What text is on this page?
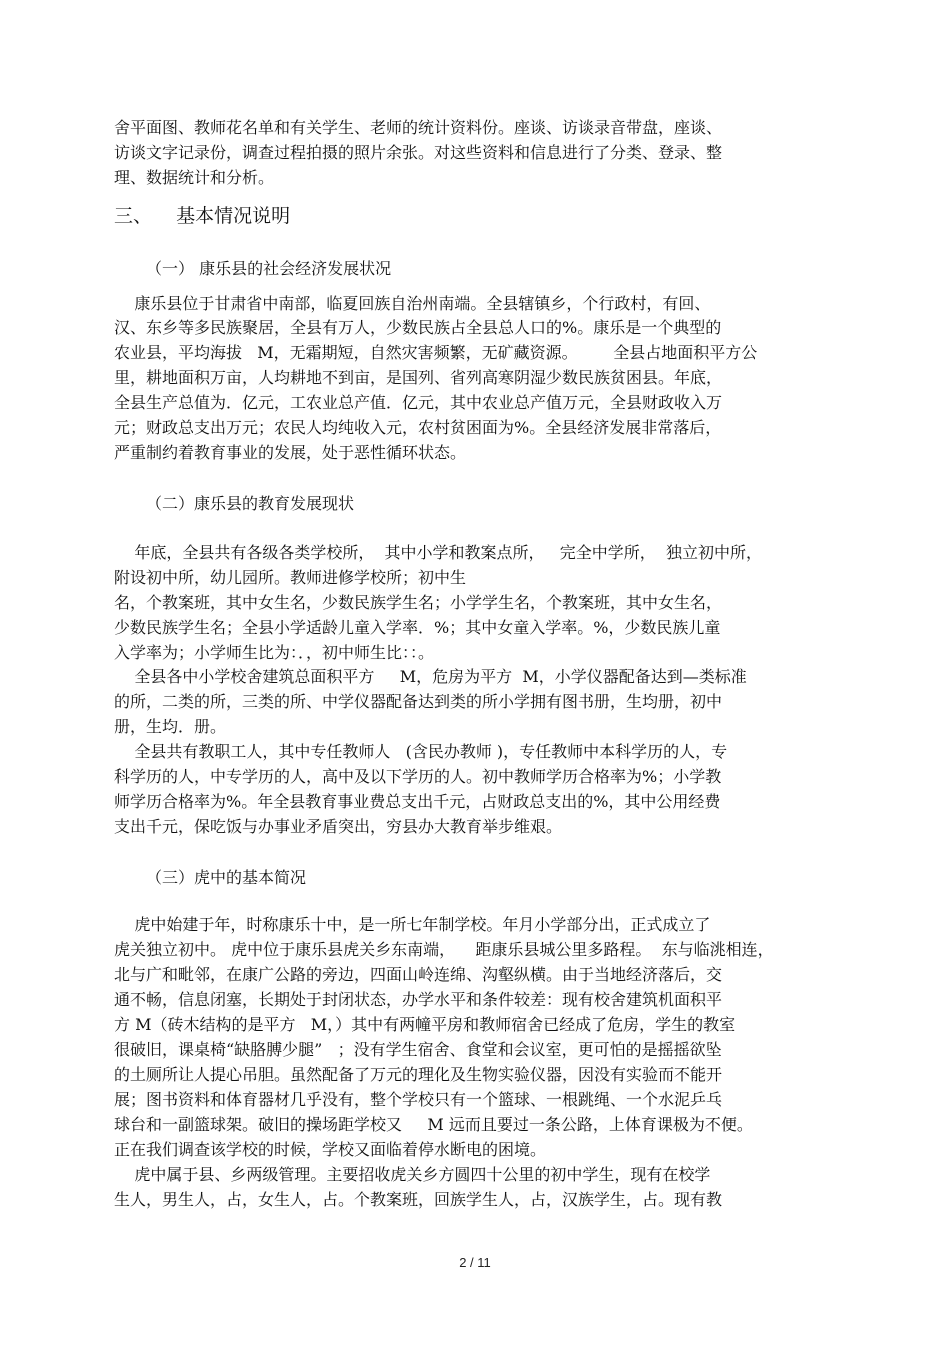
舍平面图、教师花名单和有关学生、老师的统计资料份。座谈、访谈录音带盘，座谈、

访谈文字记录份，调查过程拍摄的照片余张。对这些资料和信息进行了分类、登录、整

理、数据统计和分析。

三、    基本情况说明

（一） 康乐县的社会经济发展状况

康乐县位于甘肃省中南部，临夏回族自治州南端。全县辖镇乡，个行政村，有回、

汉、东乡等多民族聚居，全县有万人，少数民族占全县总人口的%。康乐是一个典型的

农业县，平均海拔   M，无霜期短，自然灾害频繁，无矿藏资源。       全县占地面积平方公

里，耕地面积万亩，人均耕地不到亩，是国列、省列高寒阴湿少数民族贫困县。年底，

全县生产总值为．亿元，工农业总产值．亿元，其中农业总产值万元，全县财政收入万

元；财政总支出万元；农民人均纯收入元，农村贫困面为%。全县经济发展非常落后，

严重制约着教育事业的发展，处于恶性循环状态。

（二）康乐县的教育发展现状

年底，全县共有各级各类学校所，  其中小学和教案点所，   完全中学所，  独立初中所，

附设初中所，幼儿园所。教师进修学校所；初中生

名，个教案班，其中女生名，少数民族学生名；小学学生名，个教案班，其中女生名，

少数民族学生名；全县小学适龄儿童入学率．%；其中女童入学率。%，少数民族儿童

入学率为；小学师生比为：．，初中师生比：：。

全县各中小学校舍建筑总面积平方     M，危房为平方  M，小学仪器配备达到—类标准

的所，二类的所，三类的所、中学仪器配备达到类的所小学拥有图书册，生均册，初中

册，生均．册。

全县共有教职工人，其中专任教师人   (含民办教师 )，专任教师中本科学历的人，专

科学历的人，中专学历的人，高中及以下学历的人。初中教师学历合格率为%；小学教

师学历合格率为%。年全县教育事业费总支出千元，占财政总支出的%，其中公用经费

支出千元，保吃饭与办事业矛盾突出，穷县办大教育举步维艰。

（三）虎中的基本简况

虎中始建于年，时称康乐十中，是一所七年制学校。年月小学部分出，正式成立了

虎关独立初中。 虎中位于康乐县虎关乡东南端，    距康乐县城公里多路程。  东与临洮相连，

北与广和毗邻，在康广公路的旁边，四面山岭连绵、沟壑纵横。由于当地经济落后，交

通不畅，信息闭塞，长期处于封闭状态，办学水平和条件较差：现有校舍建筑机面积平

方 M（砖木结构的是平方   M，）其中有两幢平房和教师宿舍已经成了危房，学生的教室

很破旧，课桌椅“缺胳膊少腿”   ；没有学生宿舍、食堂和会议室，更可怕的是摇摇欲坠

的土厕所让人提心吊胆。虽然配备了万元的理化及生物实验仪器，因没有实验而不能开

展；图书资料和体育器材几乎没有，整个学校只有一个篮球、一根跳绳、一个水泥乒乓

球台和一副篮球架。破旧的操场距学校又     M 远而且要过一条公路，上体育课极为不便。

正在我们调查该学校的时候，学校又面临着停水断电的困境。

虎中属于县、乡两级管理。主要招收虎关乡方圆四十公里的初中学生，现有在校学

生人，男生人，占，女生人，占。个教案班，回族学生人，占，汉族学生，占。现有教

2 / 11
